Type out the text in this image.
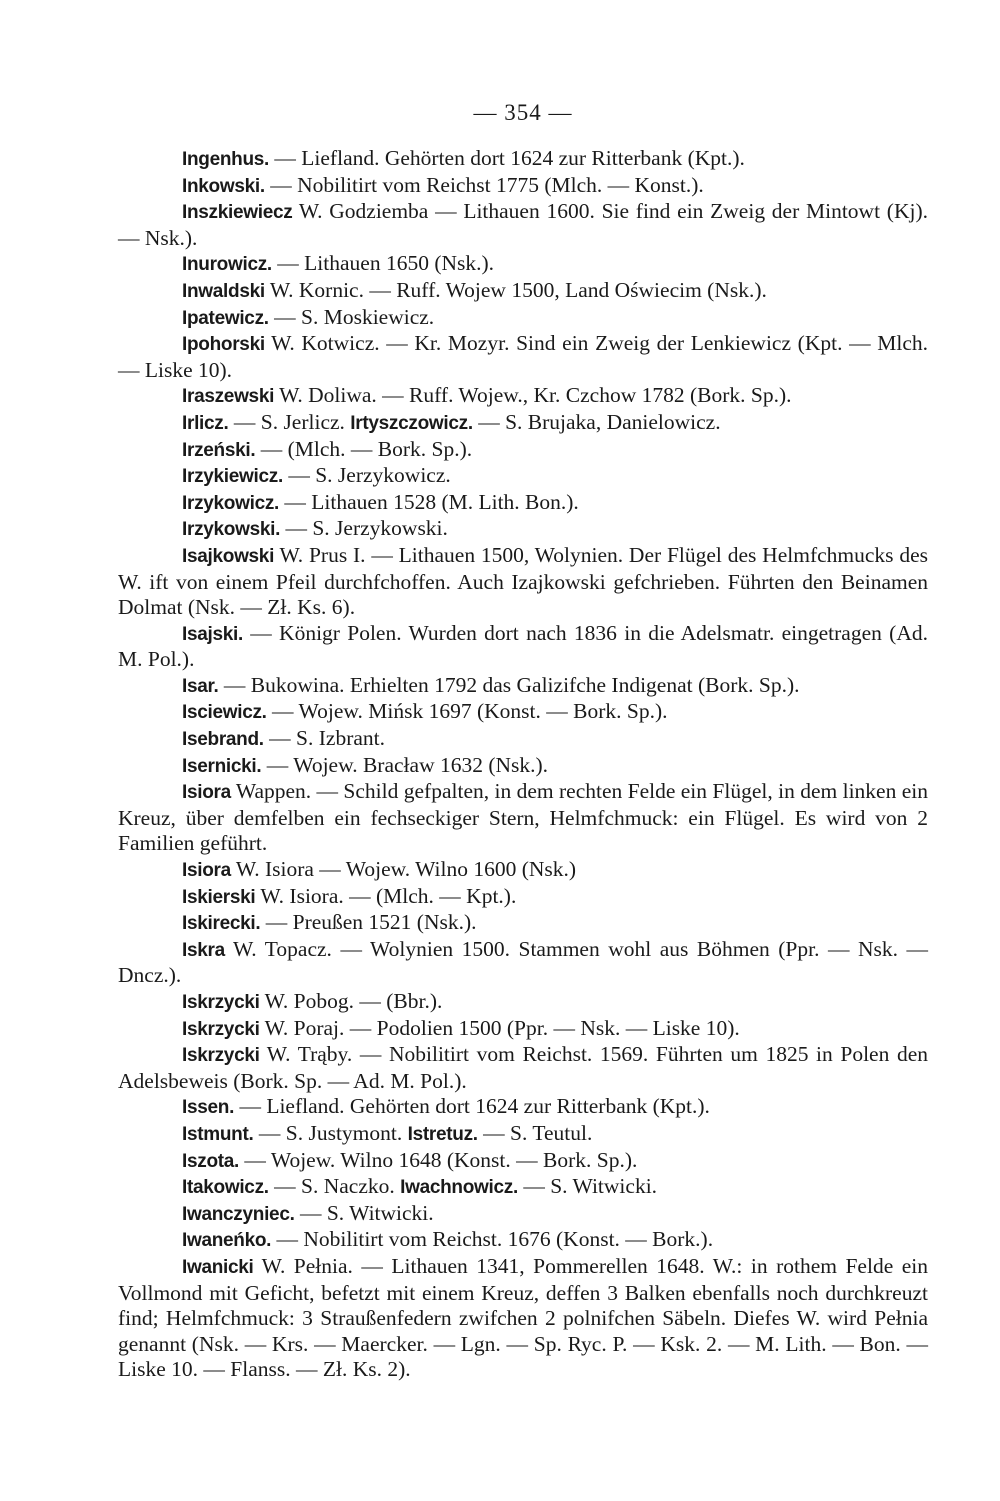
— 354 —

Ingenhus. — Liefland. Gehörten dort 1624 zur Ritterbank (Kpt.).

Inkowski. — Nobilitirt vom Reichst 1775 (Mlch. — Konst.).

Inszkiewiecz W. Godziemba — Lithauen 1600. Sie find ein Zweig der Mintowt (Kj). — Nsk.).

Inurowicz. — Lithauen 1650 (Nsk.).

Inwaldski W. Kornic. — Ruff. Wojew 1500, Land Oświecim (Nsk.).

Ipatewicz. — S. Moskiewicz.

Ipohorski W. Kotwicz. — Kr. Mozyr. Sind ein Zweig der Lenkiewicz (Kpt. — Mlch. — Liske 10).

Iraszewski W. Doliwa. — Ruff. Wojew., Kr. Czchow 1782 (Bork. Sp.).

Irlicz. — S. Jerlicz. Irtyszczowicz. — S. Brujaka, Danielowicz.

Irzeński. — (Mlch. — Bork. Sp.).

Irzykiewicz. — S. Jerzykowicz.

Irzykowicz. — Lithauen 1528 (M. Lith. Bon.).

Irzykowski. — S. Jerzykowski.

Isajkowski W. Prus I. — Lithauen 1500, Wolynien. Der Flügel des Helmfchmucks des W. ift von einem Pfeil durchfchoffen. Auch Izajkowski gefchrieben. Führten den Beinamen Dolmat (Nsk. — Zł. Ks. 6).

Isajski. — Königr Polen. Wurden dort nach 1836 in die Adelsmatr. eingetragen (Ad. M. Pol.).

Isar. — Bukowina. Erhielten 1792 das Galizifche Indigenat (Bork. Sp.).

Isciewicz. — Wojew. Mińsk 1697 (Konst. — Bork. Sp.).

Isebrand. — S. Izbrant.

Isernicki. — Wojew. Bracław 1632 (Nsk.).

Isiora Wappen. — Schild gefpalten, in dem rechten Felde ein Flügel, in dem linken ein Kreuz, über demfelben ein fechseckiger Stern, Helmfchmuck: ein Flügel. Es wird von 2 Familien geführt.

Isiora W. Isiora — Wojew. Wilno 1600 (Nsk.)

Iskierski W. Isiora. — (Mlch. — Kpt.).

Iskirecki. — Preußen 1521 (Nsk.).

Iskra W. Topacz. — Wolynien 1500. Stammen wohl aus Böhmen (Ppr. — Nsk. — Dncz.).

Iskrzycki W. Pobog. — (Bbr.).

Iskrzycki W. Poraj. — Podolien 1500 (Ppr. — Nsk. — Liske 10).

Iskrzycki W. Trąby. — Nobilitirt vom Reichst. 1569. Führten um 1825 in Polen den Adelsbeweis (Bork. Sp. — Ad. M. Pol.).

Issen. — Liefland. Gehörten dort 1624 zur Ritterbank (Kpt.).

Istmunt. — S. Justymont. Istretuz. — S. Teutul.

Iszota. — Wojew. Wilno 1648 (Konst. — Bork. Sp.).

Itakowicz. — S. Naczko. Iwachnowicz. — S. Witwicki.

Iwanczyniec. — S. Witwicki.

Iwaneńko. — Nobilitirt vom Reichst. 1676 (Konst. — Bork.).

Iwanicki W. Pełnia. — Lithauen 1341, Pommerellen 1648. W.: in rothem Felde ein Vollmond mit Geficht, befetzt mit einem Kreuz, deffen 3 Balken ebenfalls noch durchkreuzt find; Helmfchmuck: 3 Straußenfedern zwifchen 2 polnifchen Säbeln. Diefes W. wird Pełnia genannt (Nsk. — Krs. — Maercker. — Lgn. — Sp. Ryc. P. — Ksk. 2. — M. Lith. — Bon. — Liske 10. — Flanss. — Zł. Ks. 2).
